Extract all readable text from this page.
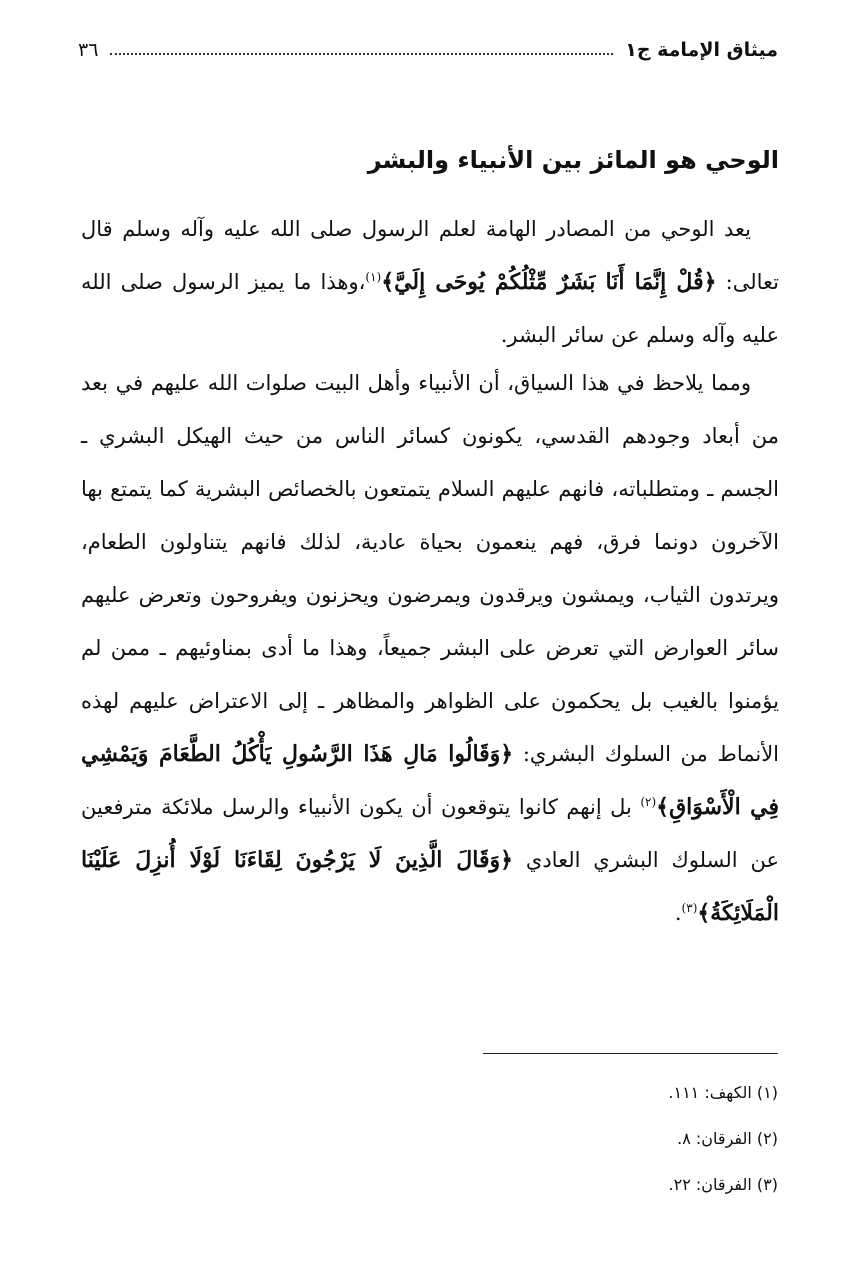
ميثاق الإمامة ج١
٣٦
الوحي هو المائز بين الأنبياء والبشر

يعد الوحي من المصادر الهامة لعلم الرسول صلى الله عليه وآله وسلم قال تعالى: ﴿قُلْ إِنَّمَا أَنَا بَشَرٌ مِّثْلُكُمْ يُوحَى إِلَيَّ﴾$^{(١)}$،وهذا ما يميز الرسول صلى الله عليه وآله وسلم عن سائر البشر.

ومما يلاحظ في هذا السياق، أن الأنبياء وأهل البيت صلوات الله عليهم في بعد من أبعاد وجودهم القدسي، يكونون كسائر الناس من حيث الهيكل البشري ـ الجسم ـ ومتطلباته، فانهم عليهم السلام يتمتعون بالخصائص البشرية كما يتمتع بها الآخرون دونما فرق، فهم ينعمون بحياة عادية، لذلك فانهم يتناولون الطعام، ويرتدون الثياب، ويمشون ويرقدون ويمرضون ويحزنون ويفروحون وتعرض عليهم سائر العوارض التي تعرض على البشر جميعاً، وهذا ما أدى بمناوئيهم ـ ممن لم يؤمنوا بالغيب بل يحكمون على الظواهر والمظاهر ـ إلى الاعتراض عليهم لهذه الأنماط من السلوك البشري: ﴿وَقَالُوا مَالِ هَذَا الرَّسُولِ يَأْكُلُ الطَّعَامَ وَيَمْشِي فِي الْأَسْوَاقِ﴾$^{(٢)}$ بل إنهم كانوا يتوقعون أن يكون الأنبياء والرسل ملائكة مترفعين عن السلوك البشري العادي ﴿وَقَالَ الَّذِينَ لَا يَرْجُونَ لِقَاءَنَا لَوْلَا أُنزِلَ عَلَيْنَا الْمَلَائِكَةُ﴾$^{(٣)}$.

(١) الكهف: ١١١.
(٢) الفرقان: ٨.
(٣) الفرقان: ٢٢.
